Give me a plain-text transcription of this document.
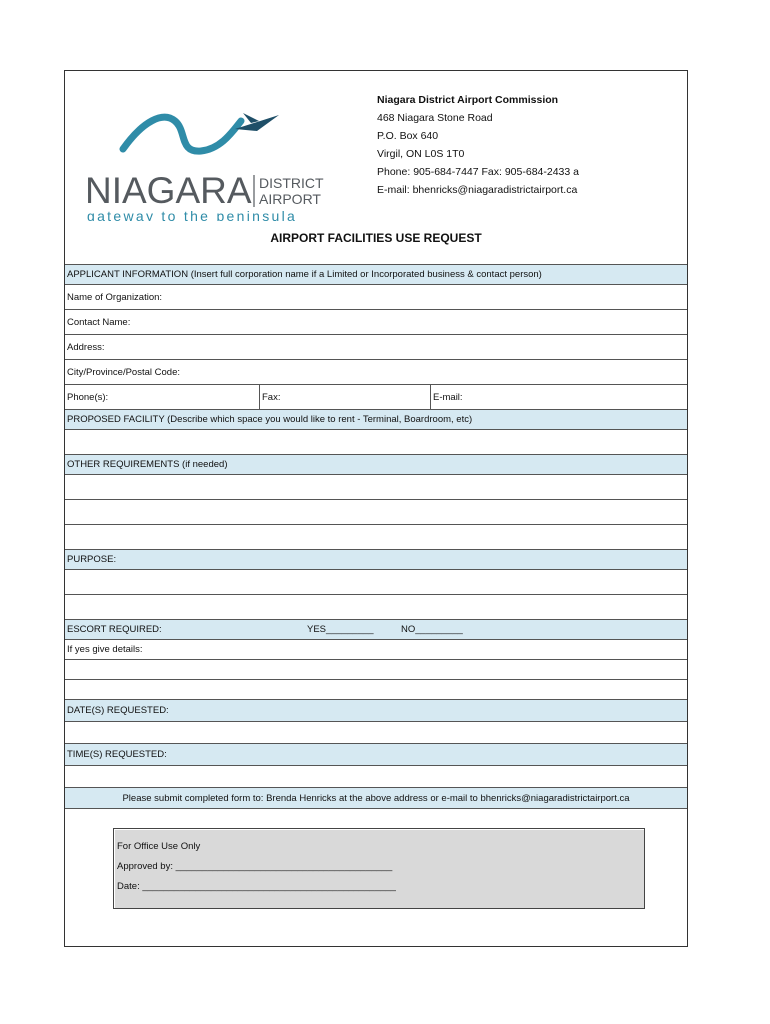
NIAGARA DISTRICT
AIRPORT
gateway to the peninsula
Niagara District Airport Commission
468 Niagara Stone Road
P.O. Box 640
Virgil, ON L0S 1T0
Phone: 905-684-7447 Fax: 905-684-2433 a
E-mail: bhenricks@niagaradistrictairport.ca
AIRPORT FACILITIES USE REQUEST
APPLICANT INFORMATION (Insert full corporation name if a Limited or Incorporated business & contact person)
Name of Organization:
Contact Name:
Address:
City/Province/Postal Code:
Phone(s):	Fax:	E-mail:
PROPOSED FACILITY (Describe which space you would like to rent - Terminal, Boardroom, etc)
OTHER REQUIREMENTS (if needed)
PURPOSE:
ESCORT REQUIRED:	YES_________	NO_________
If yes give details:
DATE(S) REQUESTED:
TIME(S) REQUESTED:
Please submit completed form to: Brenda Henricks at the above address or e-mail to bhenricks@niagaradistrictairport.ca
For Office Use Only
Approved by: _________________________________________
Date: ________________________________________________
